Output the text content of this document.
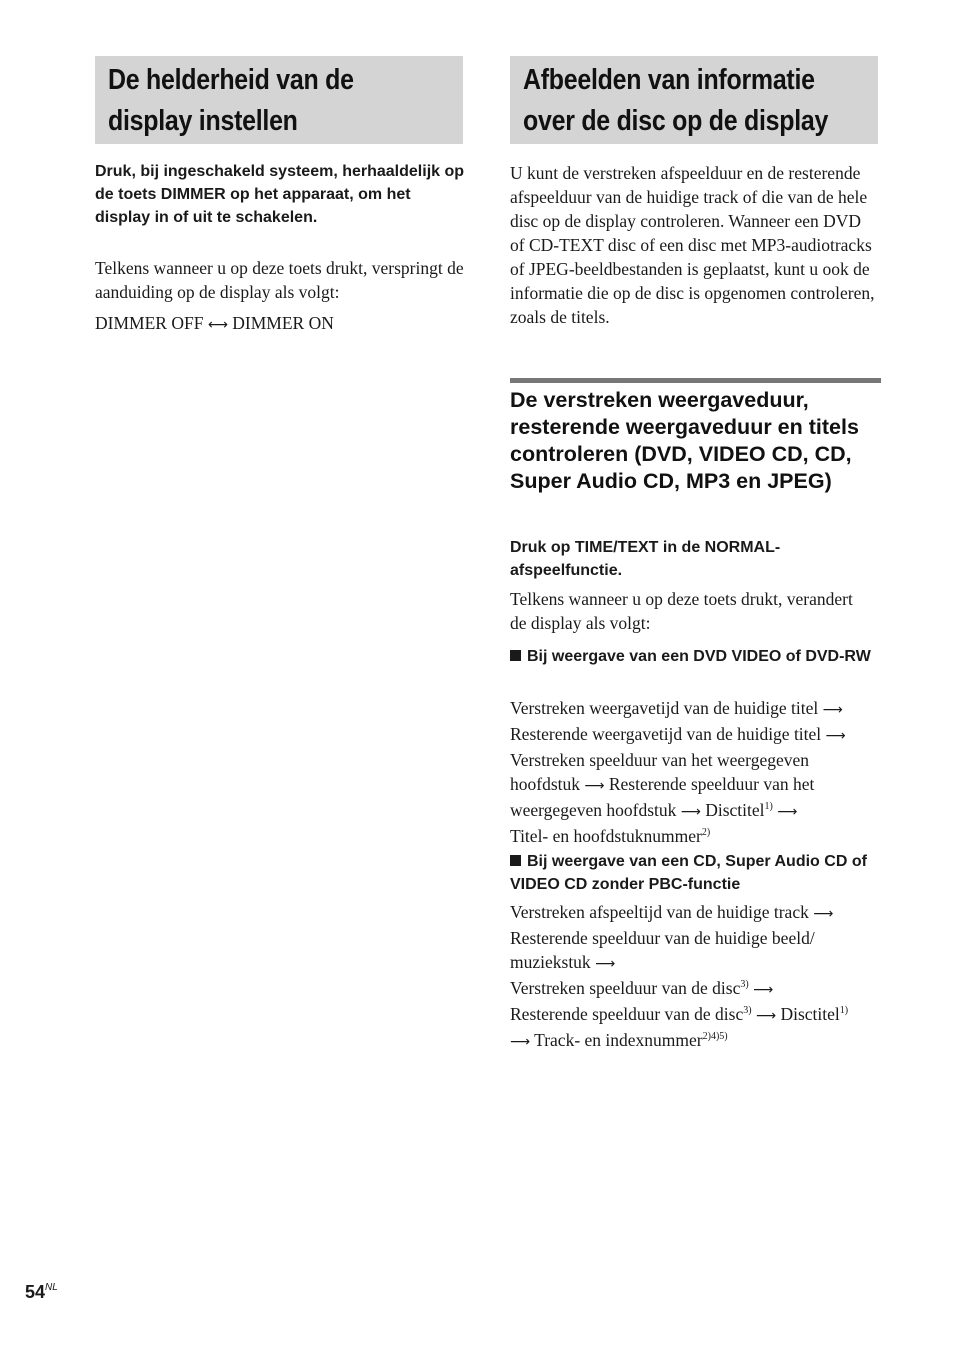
De helderheid van de
display instellen
Afbeelden van informatie
over de disc op de display

Druk, bij ingeschakeld systeem, herhaaldelijk op de toets DIMMER op het apparaat, om het display in of uit te schakelen.

Telkens wanneer u op deze toets drukt, verspringt de aanduiding op de display als volgt:

DIMMER OFF ⟷ DIMMER ON

U kunt de verstreken afspeelduur en de resterende afspeelduur van de huidige track of die van de hele disc op de display controleren. Wanneer een DVD of CD-TEXT disc of een disc met MP3-audiotracks of JPEG-beeldbestanden is geplaatst, kunt u ook de informatie die op de disc is opgenomen controleren, zoals de titels.

De verstreken weergaveduur, resterende weergaveduur en titels controleren (DVD, VIDEO CD, CD, Super Audio CD, MP3 en JPEG)

Druk op TIME/TEXT in de NORMAL-afspeelfunctie.

Telkens wanneer u op deze toets drukt, verandert de display als volgt:

Bij weergave van een DVD VIDEO of DVD-RW

Verstreken weergavetijd van de huidige titel ⟶
Resterende weergavetijd van de huidige titel ⟶
Verstreken speelduur van het weergegeven hoofdstuk ⟶ Resterende speelduur van het weergegeven hoofdstuk ⟶ Disctitel$^{1)}$ ⟶
Titel- en hoofdstuknummer$^{2)}$

Bij weergave van een CD, Super Audio CD of VIDEO CD zonder PBC-functie

Verstreken afspeeltijd van de huidige track ⟶
Resterende speelduur van de huidige beeld/ muziekstuk ⟶
Verstreken speelduur van de disc$^{3)}$ ⟶
Resterende speelduur van de disc$^{3)}$ ⟶ Disctitel$^{1)}$
⟶ Track- en indexnummer$^{2)4)5)}$

$54^{NL}$
